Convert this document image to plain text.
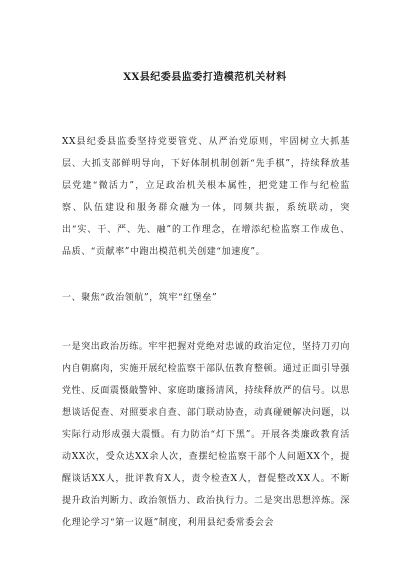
XX县纪委县监委打造模范机关材料

XX县纪委县监委坚持党要管党、从严治党原则，牢固树立大抓基层、大抓支部鲜明导向，下好体制机制创新“先手棋”，持续释放基层党建“微活力”，立足政治机关根本属性，把党建工作与纪检监察、队伍建设和服务群众融为一体，同频共振，系统联动，突出“实、干、严、先、融”的工作理念，在增添纪检监察工作成色、品质、“贡献率”中跑出模范机关创建“加速度”。

一、聚焦“政治领航”，筑牢“红堡垒”

一是突出政治历练。牢牢把握对党绝对忠诚的政治定位，坚持刀刃向内自朝腐肉，实施开展纪检监察干部队伍教育整顿。通过正面引导强党性、反面震慑敲警钟、家庭助廉扬清风，持续释放严的信号。以思想谈话促查、对照要求自查、部门联动协查，动真碰硬解决问题，以实际行动形成强大震慑。有力防治“灯下黑”。开展各类廉政教育活动XX次，受众达XX余人次，查摆纪检监察干部个人问题XX个，提醒谈话XX人，批评教育X人，责令检查X人，督促整改XX人。不断提升政治判断力、政治领悟力、政治执行力。二是突出思想淬炼。深化理论学习“第一议题”制度，利用县纪委常委会会
